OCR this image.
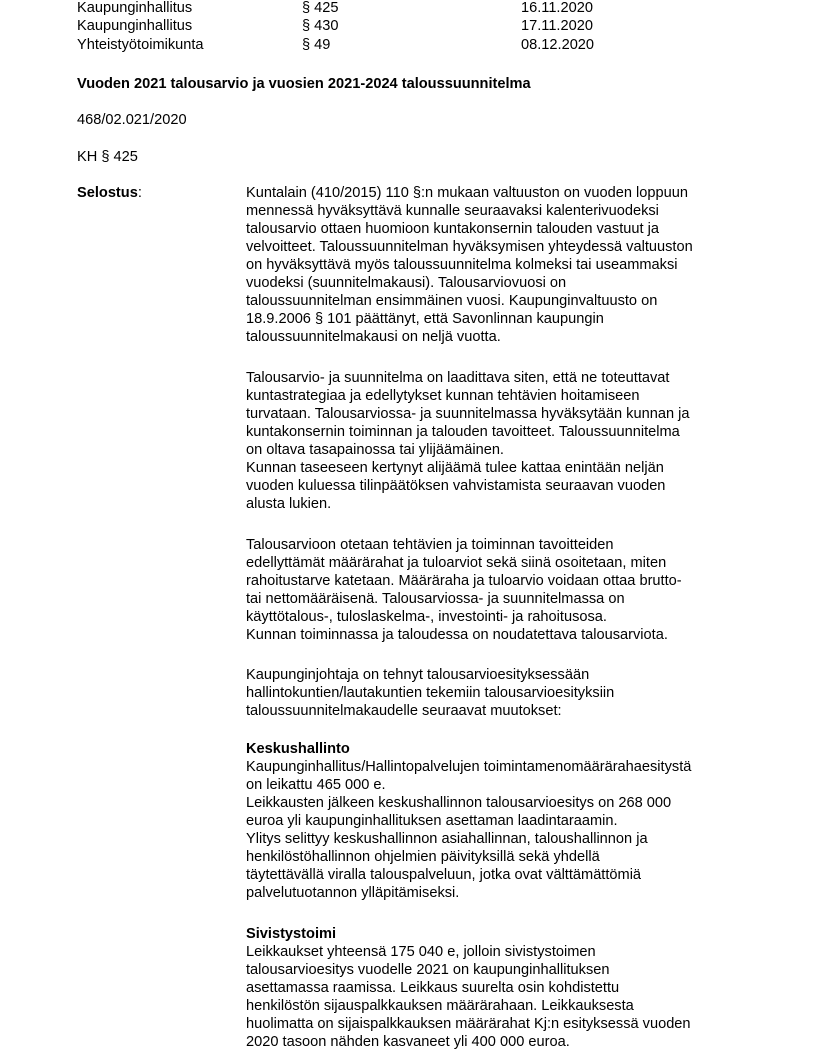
Kaupunginhallitus	§ 425	16.11.2020
Kaupunginhallitus	§ 430	17.11.2020
Yhteistyötoimikunta	§ 49	08.12.2020
Vuoden 2021 talousarvio ja vuosien 2021-2024 taloussuunnitelma
468/02.021/2020
KH § 425
Selostus:	Kuntalain (410/2015) 110 §:n mukaan valtuuston on vuoden loppuun
mennessä hyväksyttävä kunnalle seuraavaksi kalenterivuodeksi
talousarvio ottaen huomioon kuntakonsernin talouden vastuut ja
velvoitteet. Taloussuunnitelman hyväksymisen yhteydessä valtuuston
on hyväksyttävä myös taloussuunnitelma kolmeksi tai useammaksi
vuodeksi (suunnitelmakausi). Talousarviovuosi on
taloussuunnitelman ensimmäinen vuosi. Kaupunginvaltuusto on
18.9.2006 § 101 päättänyt, että Savonlinnan kaupungin
taloussuunnitelmakausi on neljä vuotta.
Talousarvio- ja suunnitelma on laadittava siten, että ne toteuttavat
kuntastrategiaa ja edellytykset kunnan tehtävien hoitamiseen
turvataan. Talousarviossa- ja suunnitelmassa hyväksytään kunnan ja
kuntakonsernin toiminnan ja talouden tavoitteet. Taloussuunnitelma
on oltava tasapainossa tai ylijäämäinen.
Kunnan taseeseen kertynyt alijäämä tulee kattaa enintään neljän
vuoden kuluessa tilinpäätöksen vahvistamista seuraavan vuoden
alusta lukien.
Talousarvioon otetaan tehtävien ja toiminnan tavoitteiden
edellyttämät määrärahat ja tuloarviot sekä siinä osoitetaan, miten
rahoitustarve katetaan. Määräraha ja tuloarvio voidaan ottaa brutto-
tai nettomääräisenä. Talousarviossa- ja suunnitelmassa on
käyttötalous-, tuloslaskelma-, investointi- ja rahoitusosa.
Kunnan toiminnassa ja taloudessa on noudatettava talousarviota.
Kaupunginjohtaja on tehnyt talousarvioesityksessään
hallintokuntien/lautakuntien tekemiin talousarvioesityksiin
taloussuunnitelmakaudelle seuraavat muutokset:
Keskushallinto
Kaupunginhallitus/Hallintopalvelujen toimintamenomäärärahaesitystä
on leikattu 465 000 e.
Leikkausten jälkeen keskushallinnon talousarvioesitys on 268 000
euroa yli kaupunginhallituksen asettaman laadintaraamin.
Ylitys selittyy keskushallinnon asiahallinnan, taloushallinnon ja
henkilöstöhallinnon ohjelmien päivityksillä sekä yhdellä
täytettävällä viralla talouspalveluun, jotka ovat välttämättömiä
palvelutuotannon ylläpitämiseksi.
Sivistystoimi
Leikkaukset yhteensä 175 040 e, jolloin sivistystoimen
talousarvioesitys vuodelle 2021 on kaupunginhallituksen
asettamassa raamissa. Leikkaus suurelta osin kohdistettu
henkilöstön sijauspalkkauksen määrärahaan. Leikkauksesta
huolimatta on sijaispalkkauksen määrärahat Kj:n esityksessä vuoden
2020 tasoon nähden kasvaneet yli 400 000 euroa.
